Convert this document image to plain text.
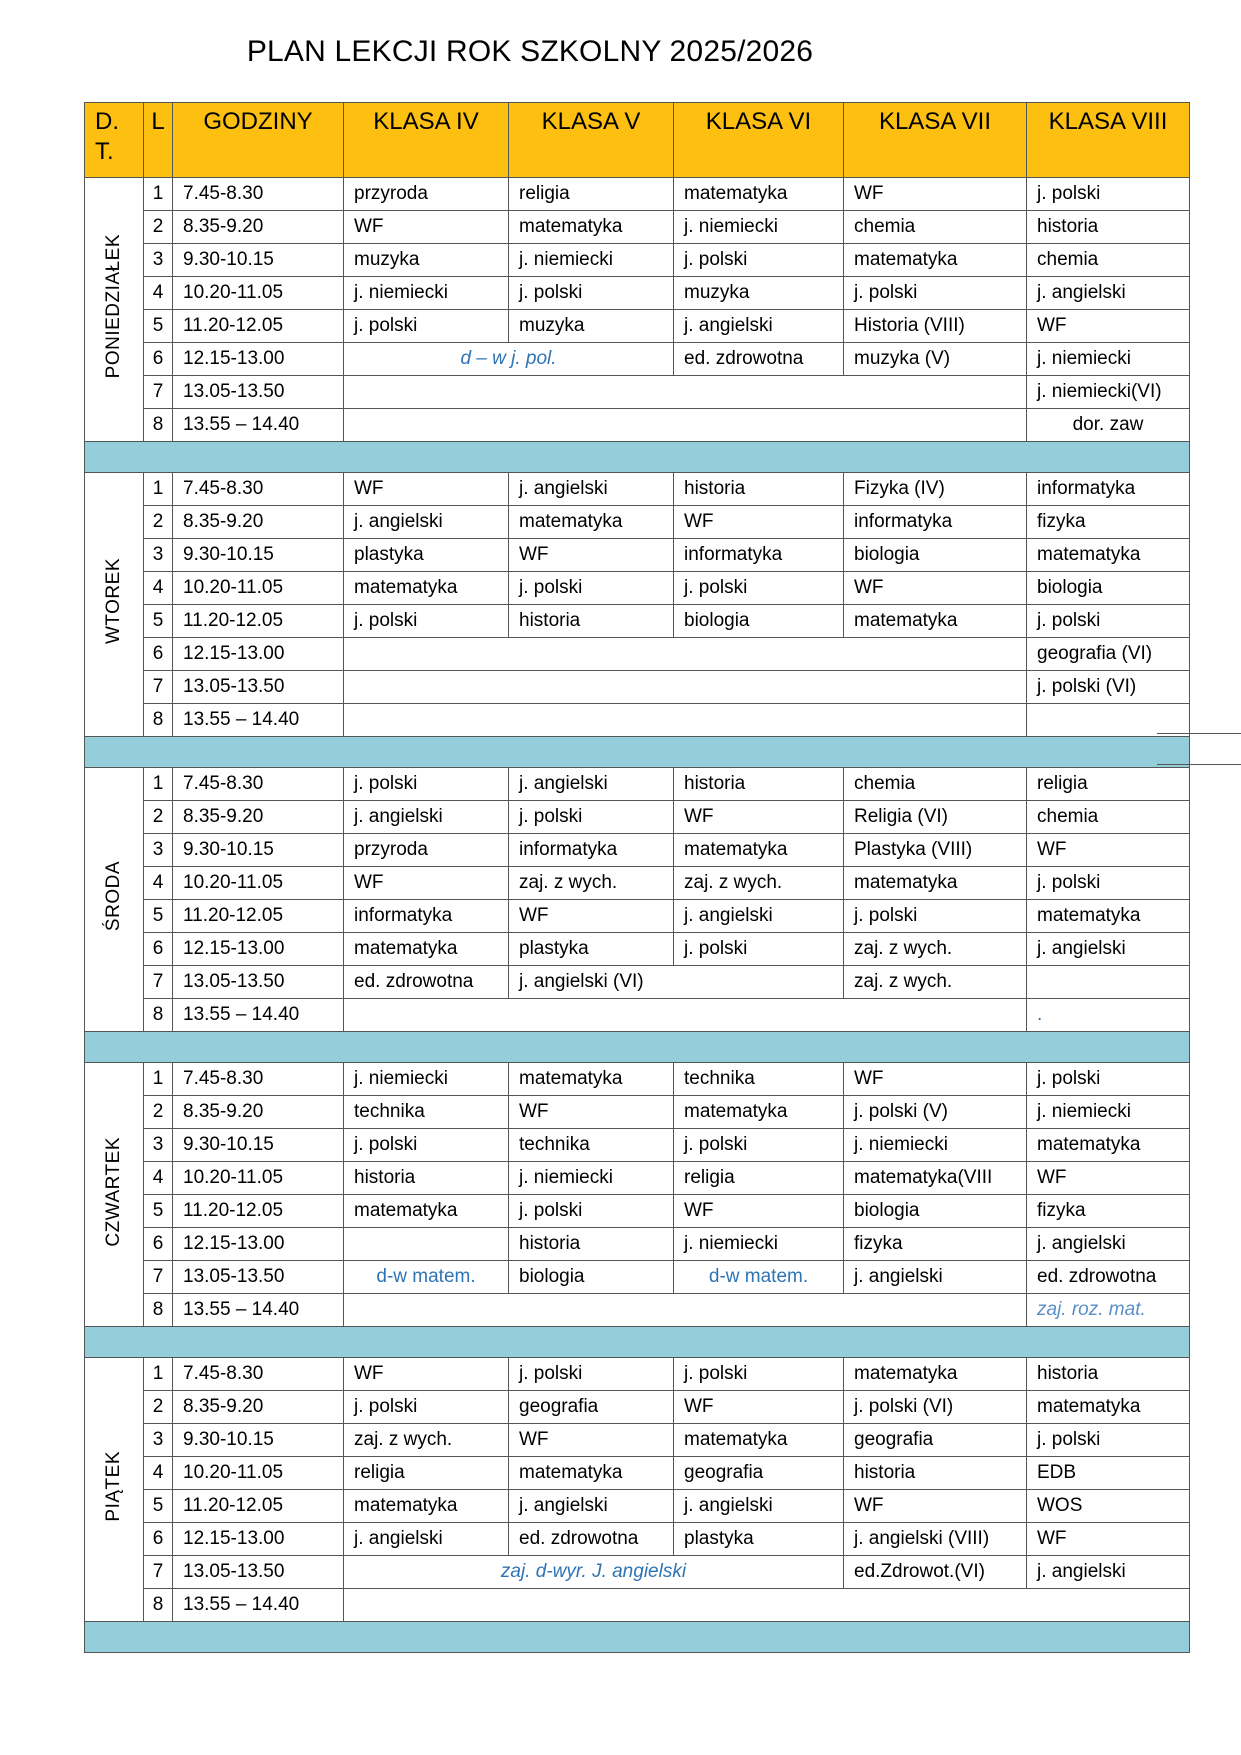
PLAN LEKCJI ROK SZKOLNY 2025/2026
D. T.	L	GODZINY	KLASA IV	KLASA V	KLASA VI	KLASA VII	KLASA VIII	
PONIEDZIAŁEK	1	7.45-8.30	przyroda	religia	matematyka	WF	j. polski	
	2	8.35-9.20	WF	matematyka	j. niemiecki	chemia	historia	
	3	9.30-10.15	muzyka	j. niemiecki	j. polski	matematyka	chemia	
	4	10.20-11.05	j. niemiecki	j. polski	muzyka	j. polski	j. angielski	
	5	11.20-12.05	j. polski	muzyka	j. angielski	Historia (VIII)	WF	
	6	12.15-13.00	d – w j. pol.		ed. zdrowotna	muzyka (V)	j. niemiecki	
	7	13.05-13.50					j. niemiecki(VI)	
	8	13.55 – 14.40					dor. zaw	

WTOREK	1	7.45-8.30	WF	j. angielski	historia	Fizyka (IV)	informatyka	
	2	8.35-9.20	j. angielski	matematyka	WF	informatyka	fizyka	
	3	9.30-10.15	plastyka	WF	informatyka	biologia	matematyka	
	4	10.20-11.05	matematyka	j. polski	j. polski	WF	biologia	
	5	11.20-12.05	j. polski	historia	biologia	matematyka	j. polski	
	6	12.15-13.00					geografia (VI)	
	7	13.05-13.50					j. polski (VI)	
	8	13.55 – 14.40						

ŚRODA	1	7.45-8.30	j. polski	j. angielski	historia	chemia	religia	
	2	8.35-9.20	j. angielski	j. polski	WF	Religia (VI)	chemia	
	3	9.30-10.15	przyroda	informatyka	matematyka	Plastyka (VIII)	WF	
	4	10.20-11.05	WF	zaj. z wych.	zaj. z wych.	matematyka	j. polski	
	5	11.20-12.05	informatyka	WF	j. angielski	j. polski	matematyka	
	6	12.15-13.00	matematyka	plastyka	j. polski	zaj. z wych.	j. angielski	
	7	13.05-13.50	ed. zdrowotna	j. angielski (VI)		zaj. z wych.		
	8	13.55 – 14.40					.	

CZWARTEK	1	7.45-8.30	j. niemiecki	matematyka	technika	WF	j. polski	
	2	8.35-9.20	technika	WF	matematyka	j. polski (V)	j. niemiecki	
	3	9.30-10.15	j. polski	technika	j. polski	j. niemiecki	matematyka	
	4	10.20-11.05	historia	j. niemiecki	religia	matematyka(VIII	WF	
	5	11.20-12.05	matematyka	j. polski	WF	biologia	fizyka	
	6	12.15-13.00		historia	j. niemiecki	fizyka	j. angielski	
	7	13.05-13.50	d-w matem.	biologia	d-w matem.	j. angielski	ed. zdrowotna	
	8	13.55 – 14.40					zaj. roz. mat.	

PIĄTEK	1	7.45-8.30	WF	j. polski	j. polski	matematyka	historia	
	2	8.35-9.20	j. polski	geografia	WF	j. polski (VI)	matematyka	
	3	9.30-10.15	zaj. z wych.	WF	matematyka	geografia	j. polski	
	4	10.20-11.05	religia	matematyka	geografia	historia	EDB	
	5	11.20-12.05	matematyka	j. angielski	j. angielski	WF	WOS	
	6	12.15-13.00	j. angielski	ed. zdrowotna	plastyka	j. angielski (VIII)	WF	
	7	13.05-13.50	zaj. d-wyr. J. angielski			ed.Zdrowot.(VI)	j. angielski	
	8	13.55 – 14.40						
